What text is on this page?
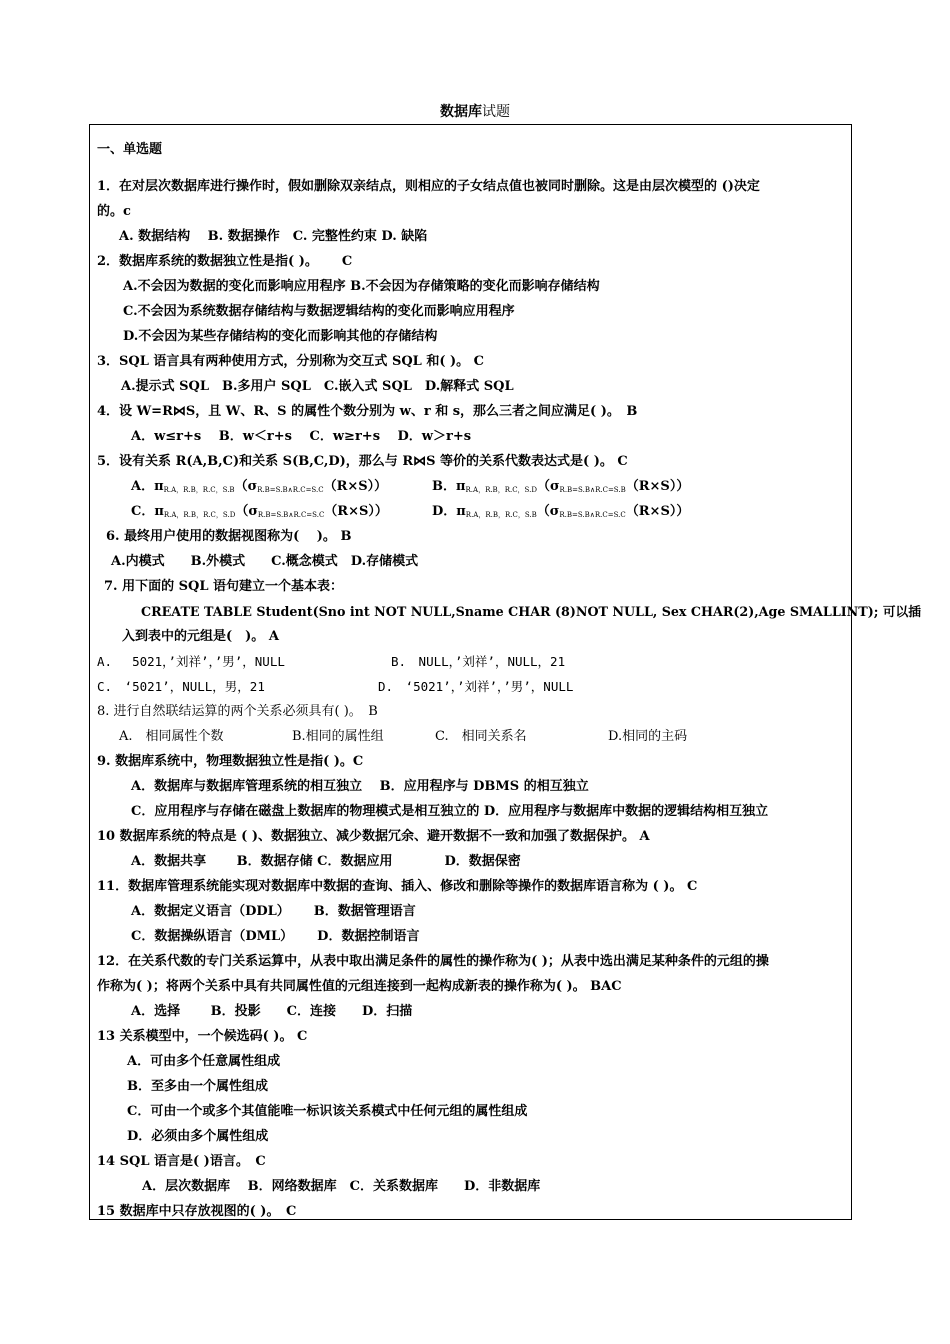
数据库试题
一、单选题
1．在对层次数据库进行操作时，假如删除双亲结点，则相应的子女结点值也被同时删除。这是由层次模型的 ()决定
的。c
A. 数据结构　 B. 数据操作　C. 完整性约束 D. 缺陷
2．数据库系统的数据独立性是指( )。　　 C
A.不会因为数据的变化而影响应用程序 B.不会因为存储策略的变化而影响存储结构
C.不会因为系统数据存储结构与数据逻辑结构的变化而影响应用程序
D.不会因为某些存储结构的变化而影响其他的存储结构
3．SQL 语言具有两种使用方式，分别称为交互式 SQL 和( )。 C
A.提示式 SQL　B.多用户 SQL　C.嵌入式 SQL　D.解释式 SQL
4．设 W=R⋈S，且 W、R、S 的属性个数分别为 w、r 和 s，那么三者之间应满足( )。　B
A．w≤r+s　 B．w＜r+s　 C．w≥r+s　 D．w＞r+s
5．设有关系 R(A,B,C)和关系 S(B,C,D)，那么与 R⋈S 等价的关系代数表达式是( )。 C
A．$\pi_{R.A,R.B,R.C,S.B}(\sigma_{R.B=S.B\wedge R.C=S.C}(R\times S))$	B．$\pi_{R.A,R.B,R.C,S.D}(\sigma_{R.B=S.B\wedge R.C=S.B}(R\times S))$
C．$\pi_{R.A,R.B,R.C,S.D}(\sigma_{R.B=S.B\wedge R.C=S.C}(R\times S))$	D．$\pi_{R.A,R.B,R.C,S.B}(\sigma_{R.B=S.B\wedge R.C=S.C}(R\times S))$
6. 最终用户使用的数据视图称为(　 )。 B
A.内模式　　B.外模式　　C.概念模式　D.存储模式
7. 用下面的 SQL 语句建立一个基本表：
CREATE TABLE Student(Sno int NOT NULL,Sname CHAR (8)NOT NULL, Sex CHAR(2),Age SMALLINT); 可以插
入到表中的元组是(　)。 A
A.　 5021，’刘祥’，’男’，NULL	B.　NULL，’刘祥’，NULL，21
C.　‘5021’，NULL，男，21	D.　‘5021’，’刘祥’，’男’，NULL
8. 进行自然联结运算的两个关系必须具有( )。　B
A.　相同属性个数	B.相同的属性组	C.　相同关系名	D.相同的主码
9. 数据库系统中，物理数据独立性是指( )。C
A．数据库与数据库管理系统的相互独立　 B．应用程序与 DBMS 的相互独立
C．应用程序与存储在磁盘上数据库的物理模式是相互独立的 D．应用程序与数据库中数据的逻辑结构相互独立
10 数据库系统的特点是 ( )、数据独立、减少数据冗余、避开数据不一致和加强了数据保护。 A
A．数据共享　　 B．数据存储 C．数据应用　　　　D．数据保密
11．数据库管理系统能实现对数据库中数据的查询、插入、修改和删除等操作的数据库语言称为 ( )。 C
A．数据定义语言（DDL）　　 B．数据管理语言
C．数据操纵语言（DML）　　 D．数据控制语言
12．在关系代数的专门关系运算中，从表中取出满足条件的属性的操作称为( )；从表中选出满足某种条件的元组的操
作称为( )；将两个关系中具有共同属性值的元组连接到一起构成新表的操作称为( )。 BAC
A．选择　　 B．投影　　C．连接　　D．扫描
13 关系模型中，一个候选码( )。 C
A．可由多个任意属性组成
B．至多由一个属性组成
C．可由一个或多个其值能唯一标识该关系模式中任何元组的属性组成
D．必须由多个属性组成
14 SQL 语言是( )语言。　C
A．层次数据库　 B．网络数据库　C．关系数据库　　D．非数据库
15 数据库中只存放视图的( )。　C
